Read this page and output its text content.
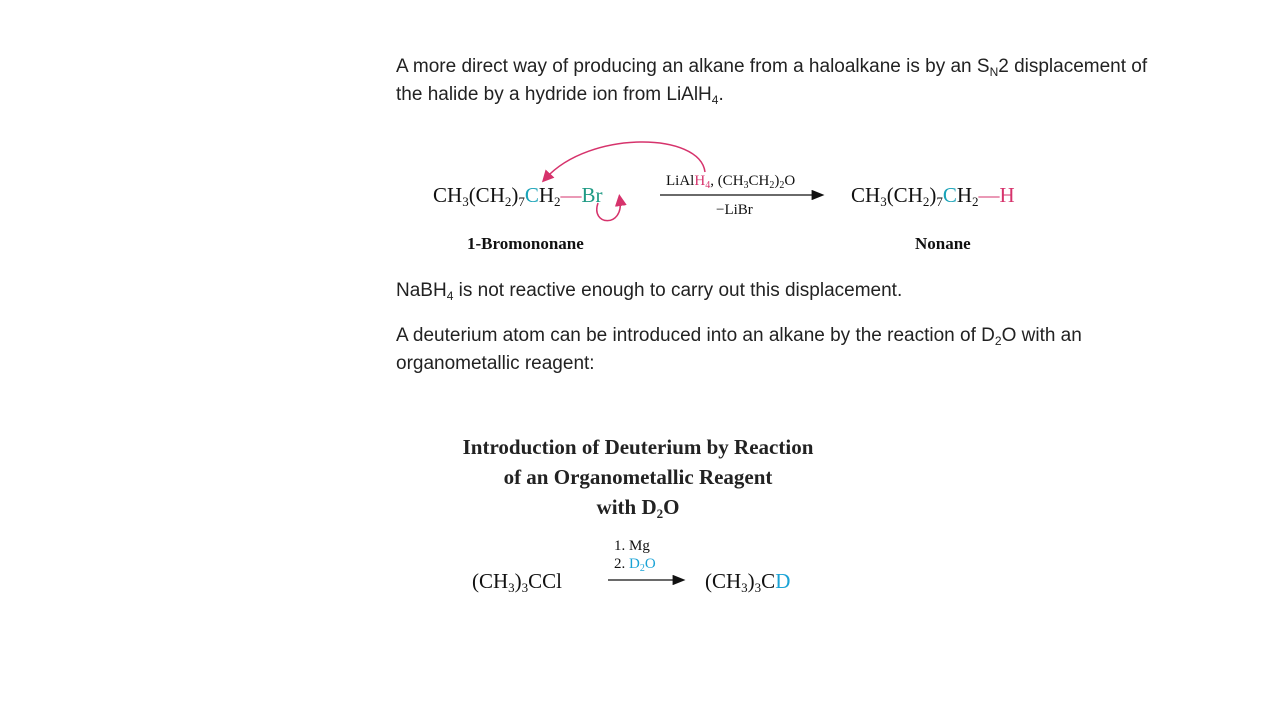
A more direct way of producing an alkane from a haloalkane is by an $S_N2$ displacement of
the halide by a hydride ion from LiAlH$_4$.
$CH_3(CH_2)_7CH_2—Br$
LiAlH$_4$, $(CH_3CH_2)_2O$
−LiBr
$CH_3(CH_2)_7CH_2—H$
1-Bromononane	Nonane
NaBH$_4$ is not reactive enough to carry out this displacement.
A deuterium atom can be introduced into an alkane by the reaction of $D_2O$ with an
organometallic reagent:
Introduction of Deuterium by Reaction
of an Organometallic Reagent
with $D_2O$
$(CH_3)_3CCl$
1. Mg
2. $D_2O$
$(CH_3)_3CD$
